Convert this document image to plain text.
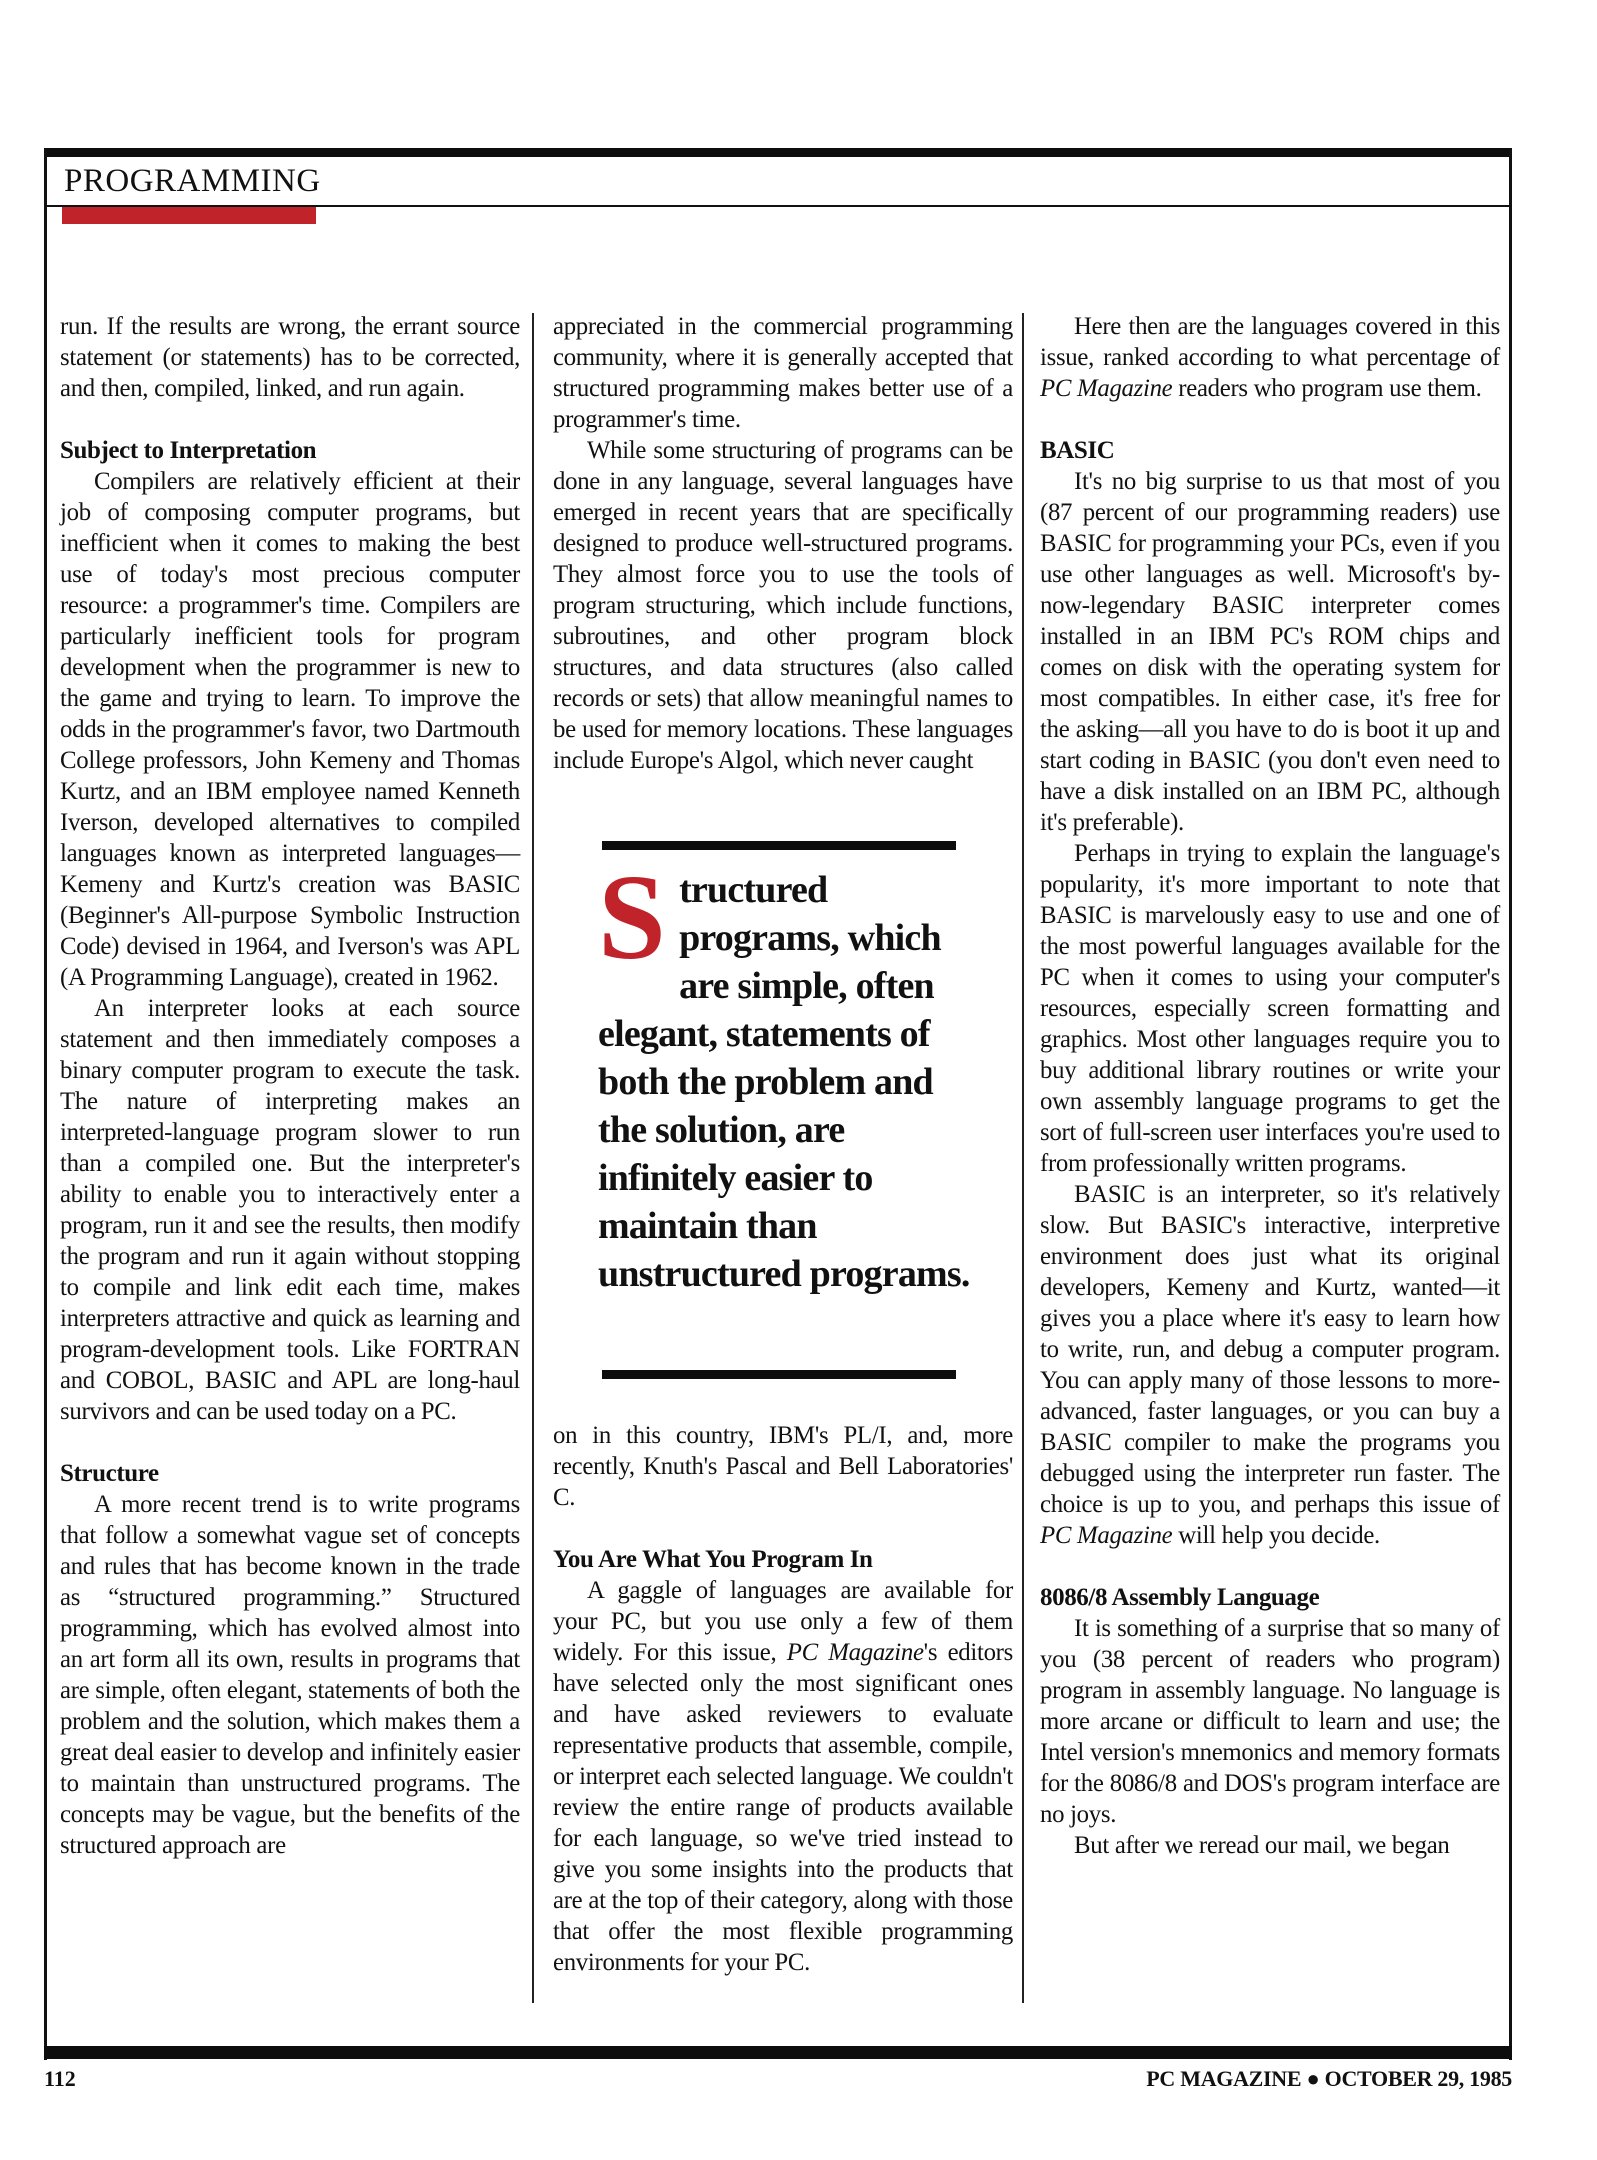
PROGRAMMING

run. If the results are wrong, the errant source statement (or statements) has to be corrected, and then, compiled, linked, and run again.

Subject to Interpretation

Compilers are relatively efficient at their job of composing computer programs, but inefficient when it comes to making the best use of today's most precious computer resource: a programmer's time. Compilers are particularly inefficient tools for program development when the programmer is new to the game and trying to learn. To improve the odds in the programmer's favor, two Dartmouth College professors, John Kemeny and Thomas Kurtz, and an IBM employee named Kenneth Iverson, developed alternatives to compiled languages known as interpreted languages—Kemeny and Kurtz's creation was BASIC (Beginner's All-purpose Symbolic Instruction Code) devised in 1964, and Iverson's was APL (A Programming Language), created in 1962.

An interpreter looks at each source statement and then immediately composes a binary computer program to execute the task. The nature of interpreting makes an interpreted-language program slower to run than a compiled one. But the interpreter's ability to enable you to interactively enter a program, run it and see the results, then modify the program and run it again without stopping to compile and link edit each time, makes interpreters attractive and quick as learning and program-development tools. Like FORTRAN and COBOL, BASIC and APL are long-haul survivors and can be used today on a PC.

Structure

A more recent trend is to write programs that follow a somewhat vague set of concepts and rules that has become known in the trade as “structured programming.” Structured programming, which has evolved almost into an art form all its own, results in programs that are simple, often elegant, statements of both the problem and the solution, which makes them a great deal easier to develop and infinitely easier to maintain than unstructured programs. The concepts may be vague, but the benefits of the structured approach are

appreciated in the commercial programming community, where it is generally accepted that structured programming makes better use of a programmer's time.

While some structuring of programs can be done in any language, several languages have emerged in recent years that are specifically designed to produce well-structured programs. They almost force you to use the tools of program structuring, which include functions, subroutines, and other program block structures, and data structures (also called records or sets) that allow meaningful names to be used for memory locations. These languages include Europe's Algol, which never caught

Structured programs, which are simple, often elegant, statements of both the problem and the solution, are infinitely easier to maintain than unstructured programs.

on in this country, IBM's PL/I, and, more recently, Knuth's Pascal and Bell Laboratories' C.

You Are What You Program In

A gaggle of languages are available for your PC, but you use only a few of them widely. For this issue, PC Magazine's editors have selected only the most significant ones and have asked reviewers to evaluate representative products that assemble, compile, or interpret each selected language. We couldn't review the entire range of products available for each language, so we've tried instead to give you some insights into the products that are at the top of their category, along with those that offer the most flexible programming environments for your PC.

Here then are the languages covered in this issue, ranked according to what percentage of PC Magazine readers who program use them.

BASIC

It's no big surprise to us that most of you (87 percent of our programming readers) use BASIC for programming your PCs, even if you use other languages as well. Microsoft's by-now-legendary BASIC interpreter comes installed in an IBM PC's ROM chips and comes on disk with the operating system for most compatibles. In either case, it's free for the asking—all you have to do is boot it up and start coding in BASIC (you don't even need to have a disk installed on an IBM PC, although it's preferable).

Perhaps in trying to explain the language's popularity, it's more important to note that BASIC is marvelously easy to use and one of the most powerful languages available for the PC when it comes to using your computer's resources, especially screen formatting and graphics. Most other languages require you to buy additional library routines or write your own assembly language programs to get the sort of full-screen user interfaces you're used to from professionally written programs.

BASIC is an interpreter, so it's relatively slow. But BASIC's interactive, interpretive environment does just what its original developers, Kemeny and Kurtz, wanted—it gives you a place where it's easy to learn how to write, run, and debug a computer program. You can apply many of those lessons to more-advanced, faster languages, or you can buy a BASIC compiler to make the programs you debugged using the interpreter run faster. The choice is up to you, and perhaps this issue of PC Magazine will help you decide.

8086/8 Assembly Language

It is something of a surprise that so many of you (38 percent of readers who program) program in assembly language. No language is more arcane or difficult to learn and use; the Intel version's mnemonics and memory formats for the 8086/8 and DOS's program interface are no joys.

But after we reread our mail, we began

112	PC MAGAZINE ● OCTOBER 29, 1985
